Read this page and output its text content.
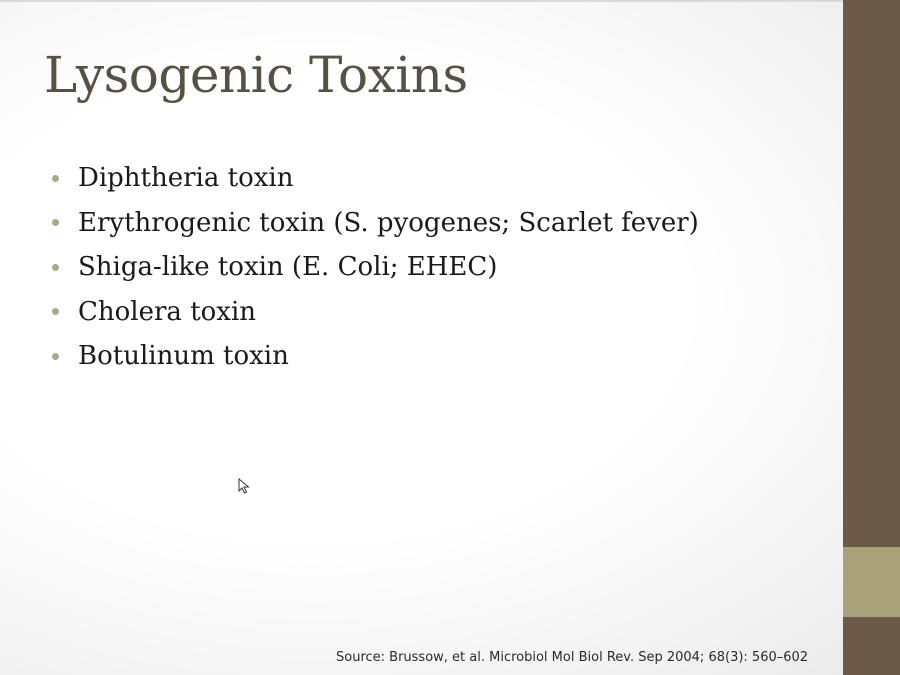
Lysogenic Toxins
Diphtheria toxin
Erythrogenic toxin (S. pyogenes; Scarlet fever)
Shiga-like toxin (E. Coli; EHEC)
Cholera toxin
Botulinum toxin
Source: Brussow, et al. Microbiol Mol Biol Rev. Sep 2004; 68(3): 560–602
